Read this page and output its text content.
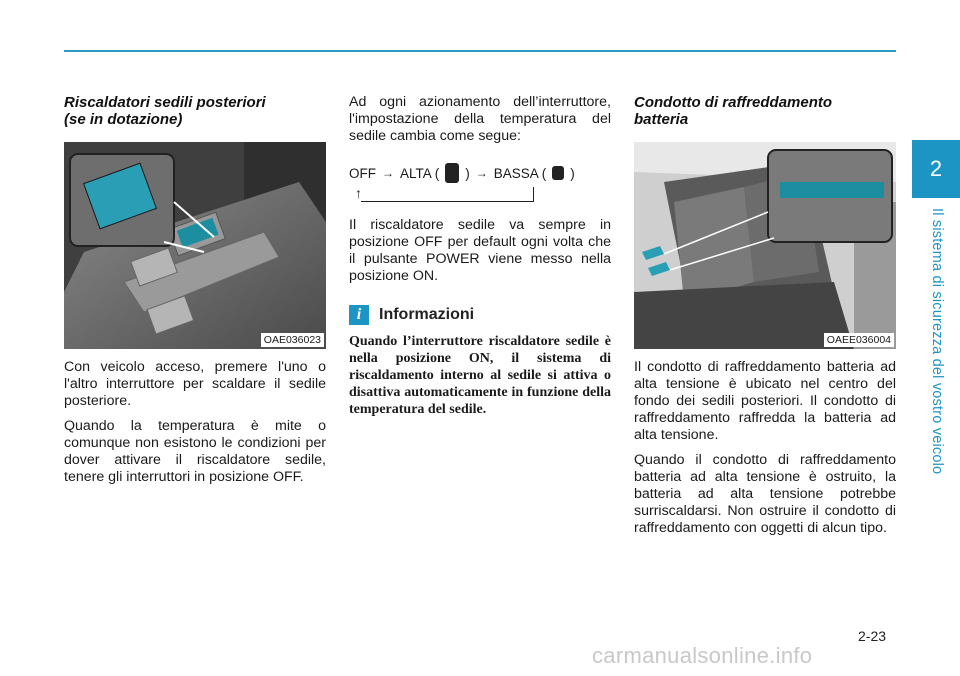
2
Il sistema di sicurezza del vostro veicolo
Riscaldatori sedili posteriori
(se in dotazione)
OAE036023

Con veicolo acceso, premere l'uno o l'altro interruttore per scaldare il sedile posteriore.

Quando la temperatura è mite o comunque non esistono le condizioni per dover attivare il riscaldatore sedile, tenere gli interruttori in posizione OFF.

Ad ogni azionamento dell’interruttore, l'impostazione della temperatura del sedile cambia come segue:

OFF → ALTA ( ) → BASSA ( )
↑

Il riscaldatore sedile va sempre in posizione OFF per default ogni volta che il pulsante POWER viene messo nella posizione ON.

i	Informazioni

Quando l’interruttore riscaldatore sedile è nella posizione ON, il sistema di riscaldamento interno al sedile si attiva o disattiva automaticamente in funzione della temperatura del sedile.

Condotto di raffreddamento
batteria
OAEE036004

Il condotto di raffreddamento batteria ad alta tensione è ubicato nel centro del fondo dei sedili posteriori. Il condotto di raffreddamento raffredda la batteria ad alta tensione.

Quando il condotto di raffreddamento batteria ad alta tensione è ostruito, la batteria ad alta tensione potrebbe surriscaldarsi. Non ostruire il condotto di raffreddamento con oggetti di alcun tipo.

2-23
carmanualsonline.info
